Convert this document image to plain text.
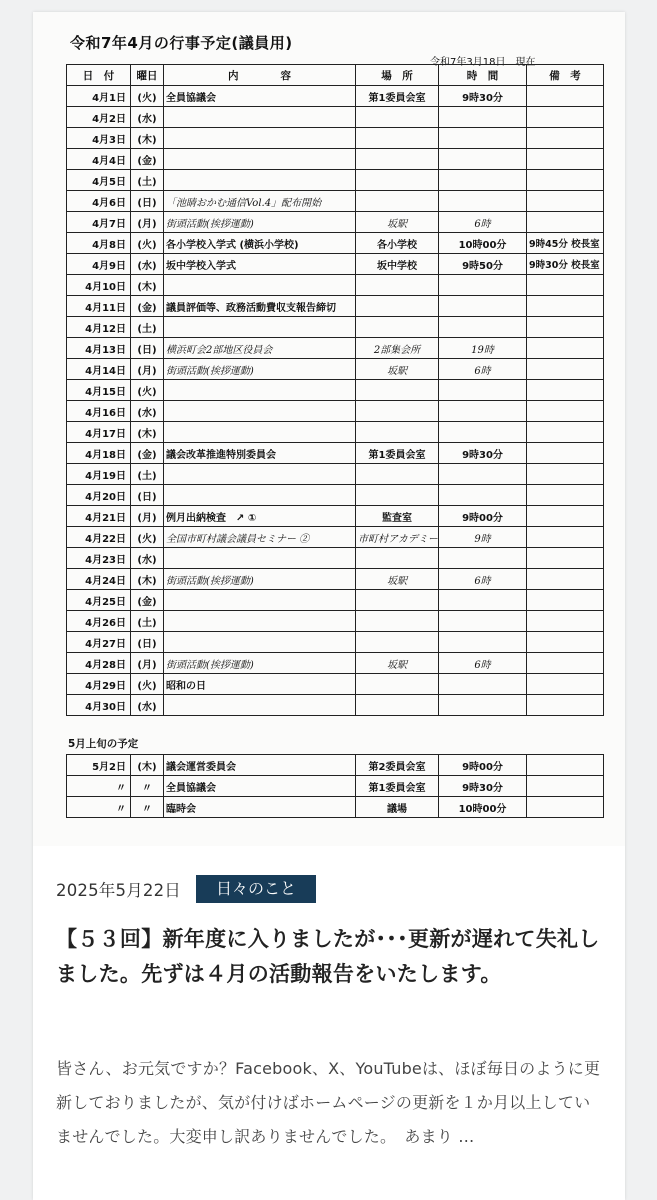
令和7年4月の行事予定(議員用)
令和7年3月18日　現在
日　付	曜日	内　　　　容	場　所	時　間	備　考
4月1日	(火)	全員協議会	第1委員会室	9時30分	
4月2日	(水)				
4月3日	(木)				
4月4日	(金)				
4月5日	(土)				
4月6日	(日)	「池睛おかむ通信Vol.4」配布開始			
4月7日	(月)	街頭活動(挨拶運動)	坂駅	6時	
4月8日	(火)	各小学校入学式 (横浜小学校)	各小学校	10時00分	9時45分 校長室
4月9日	(水)	坂中学校入学式	坂中学校	9時50分	9時30分 校長室
4月10日	(木)				
4月11日	(金)	議員評価等、政務活動費収支報告締切			
4月12日	(土)				
4月13日	(日)	横浜町会2部地区役員会	2部集会所	19時	
4月14日	(月)	街頭活動(挨拶運動)	坂駅	6時	
4月15日	(火)				
4月16日	(水)				
4月17日	(木)				
4月18日	(金)	議会改革推進特別委員会	第1委員会室	9時30分	
4月19日	(土)				
4月20日	(日)				
4月21日	(月)	例月出納検査　↗ ①	監査室	9時00分	
4月22日	(火)	全国市町村議会議員セミナー ②	市町村アカデミー	9時	
4月23日	(水)				
4月24日	(木)	街頭活動(挨拶運動)	坂駅	6時	
4月25日	(金)				
4月26日	(土)				
4月27日	(日)				
4月28日	(月)	街頭活動(挨拶運動)	坂駅	6時	
4月29日	(火)	昭和の日			
4月30日	(水)				
5月上旬の予定
5月2日	(木)	議会運営委員会	第2委員会室	9時00分	
〃	〃	全員協議会	第1委員会室	9時30分	
〃	〃	臨時会	議場	10時00分	
2025年5月22日	日々のこと
【５３回】新年度に入りましたが･･･更新が遅れて失礼しました。先ずは４月の活動報告をいたします。
皆さん、お元気ですか？Facebook、X、YouTubeは、ほぼ毎日のように更新しておりましたが、気が付けばホームページの更新を１か月以上していませんでした。大変申し訳ありませんでした。　あまり …
